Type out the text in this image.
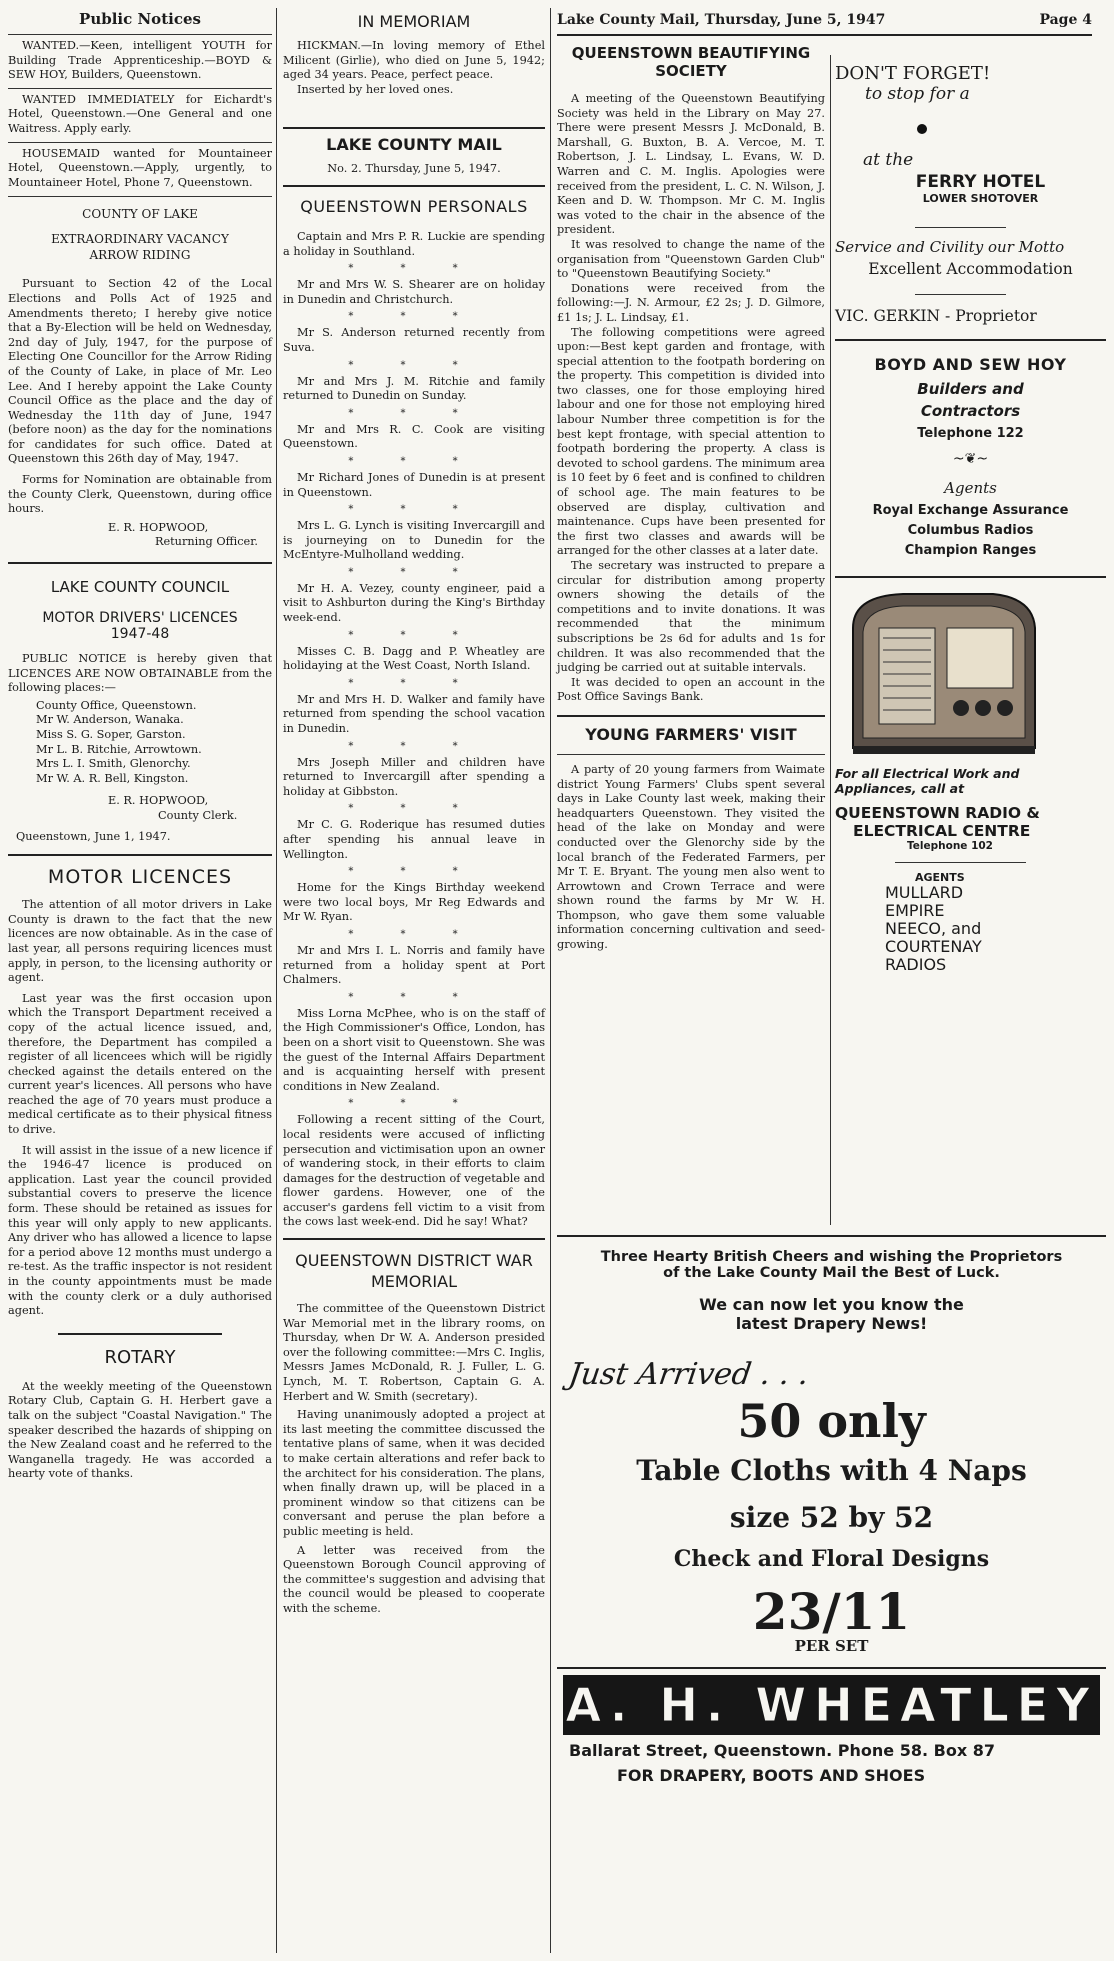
Public Notices

WANTED.—Keen, intelligent YOUTH for Building Trade Apprenticeship.—BOYD & SEW HOY, Builders, Queenstown.

WANTED IMMEDIATELY for Eichardt's Hotel, Queenstown.—One General and one Waitress. Apply early.

HOUSEMAID wanted for Mountaineer Hotel, Queenstown.—Apply, urgently, to Mountaineer Hotel, Phone 7, Queenstown.

COUNTY OF LAKE

EXTRAORDINARY VACANCY ARROW RIDING

Pursuant to Section 42 of the Local Elections and Polls Act of 1925 and Amendments thereto; I hereby give notice that a By-Election will be held on Wednesday, 2nd day of July, 1947, for the purpose of Electing One Councillor for the Arrow Riding of the County of Lake, in place of Mr. Leo Lee. And I hereby appoint the Lake County Council Office as the place and the day of Wednesday the 11th day of June, 1947 (before noon) as the day for the nominations for candidates for such office. Dated at Queenstown this 26th day of May, 1947.

Forms for Nomination are obtainable from the County Clerk, Queenstown, during office hours.

E. R. HOPWOOD,

Returning Officer.

LAKE COUNTY COUNCIL

MOTOR DRIVERS' LICENCES

1947-48

PUBLIC NOTICE is hereby given that LICENCES ARE NOW OBTAINABLE from the following places:—

County Office, Queenstown.

Mr W. Anderson, Wanaka.

Miss S. G. Soper, Garston.

Mr L. B. Ritchie, Arrowtown.

Mrs L. I. Smith, Glenorchy.

Mr W. A. R. Bell, Kingston.

E. R. HOPWOOD,

County Clerk.

Queenstown, June 1, 1947.

MOTOR LICENCES

The attention of all motor drivers in Lake County is drawn to the fact that the new licences are now obtainable. As in the case of last year, all persons requiring licences must apply, in person, to the licensing authority or agent.

Last year was the first occasion upon which the Transport Department received a copy of the actual licence issued, and, therefore, the Department has compiled a register of all licencees which will be rigidly checked against the details entered on the current year's licences. All persons who have reached the age of 70 years must produce a medical certificate as to their physical fitness to drive.

It will assist in the issue of a new licence if the 1946-47 licence is produced on application. Last year the council provided substantial covers to preserve the licence form. These should be retained as issues for this year will only apply to new applicants. Any driver who has allowed a licence to lapse for a period above 12 months must undergo a re-test. As the traffic inspector is not resident in the county appointments must be made with the county clerk or a duly authorised agent.

ROTARY

At the weekly meeting of the Queenstown Rotary Club, Captain G. H. Herbert gave a talk on the subject "Coastal Navigation." The speaker described the hazards of shipping on the New Zealand coast and he referred to the Wanganella tragedy. He was accorded a hearty vote of thanks.

IN MEMORIAM

HICKMAN.—In loving memory of Ethel Milicent (Girlie), who died on June 5, 1942; aged 34 years. Peace, perfect peace.

Inserted by her loved ones.

LAKE COUNTY MAIL

No. 2. Thursday, June 5, 1947.

QUEENSTOWN PERSONALS

Captain and Mrs P. R. Luckie are spending a holiday in Southland.

* * *

Mr and Mrs W. S. Shearer are on holiday in Dunedin and Christchurch.

* * *

Mr S. Anderson returned recently from Suva.

* * *

Mr and Mrs J. M. Ritchie and family returned to Dunedin on Sunday.

* * *

Mr and Mrs R. C. Cook are visiting Queenstown.

* * *

Mr Richard Jones of Dunedin is at present in Queenstown.

* * *

Mrs L. G. Lynch is visiting Invercargill and is journeying on to Dunedin for the McEntyre-Mulholland wedding.

* * *

Mr H. A. Vezey, county engineer, paid a visit to Ashburton during the King's Birthday week-end.

* * *

Misses C. B. Dagg and P. Wheatley are holidaying at the West Coast, North Island.

* * *

Mr and Mrs H. D. Walker and family have returned from spending the school vacation in Dunedin.

* * *

Mrs Joseph Miller and children have returned to Invercargill after spending a holiday at Gibbston.

* * *

Mr C. G. Roderique has resumed duties after spending his annual leave in Wellington.

* * *

Home for the Kings Birthday weekend were two local boys, Mr Reg Edwards and Mr W. Ryan.

* * *

Mr and Mrs I. L. Norris and family have returned from a holiday spent at Port Chalmers.

* * *

Miss Lorna McPhee, who is on the staff of the High Commissioner's Office, London, has been on a short visit to Queenstown. She was the guest of the Internal Affairs Department and is acquainting herself with present conditions in New Zealand.

* * *

Following a recent sitting of the Court, local residents were accused of inflicting persecution and victimisation upon an owner of wandering stock, in their efforts to claim damages for the destruction of vegetable and flower gardens. However, one of the accuser's gardens fell victim to a visit from the cows last week-end. Did he say! What?

QUEENSTOWN DISTRICT WAR MEMORIAL

The committee of the Queenstown District War Memorial met in the library rooms, on Thursday, when Dr W. A. Anderson presided over the following committee:—Mrs C. Inglis, Messrs James McDonald, R. J. Fuller, L. G. Lynch, M. T. Robertson, Captain G. A. Herbert and W. Smith (secretary).

Having unanimously adopted a project at its last meeting the committee discussed the tentative plans of same, when it was decided to make certain alterations and refer back to the architect for his consideration. The plans, when finally drawn up, will be placed in a prominent window so that citizens can be conversant and peruse the plan before a public meeting is held.

A letter was received from the Queenstown Borough Council approving of the committee's suggestion and advising that the council would be pleased to cooperate with the scheme.

Lake County Mail, Thursday, June 5, 1947	Page 4

QUEENSTOWN BEAUTIFYING SOCIETY

A meeting of the Queenstown Beautifying Society was held in the Library on May 27. There were present Messrs J. McDonald, B. Marshall, G. Buxton, B. A. Vercoe, M. T. Robertson, J. L. Lindsay, L. Evans, W. D. Warren and C. M. Inglis. Apologies were received from the president, L. C. N. Wilson, J. Keen and D. W. Thompson. Mr C. M. Inglis was voted to the chair in the absence of the president.

It was resolved to change the name of the organisation from "Queenstown Garden Club" to "Queenstown Beautifying Society."

Donations were received from the following:—J. N. Armour, £2 2s; J. D. Gilmore, £1 1s; J. L. Lindsay, £1.

The following competitions were agreed upon:—Best kept garden and frontage, with special attention to the footpath bordering on the property. This competition is divided into two classes, one for those employing hired labour and one for those not employing hired labour Number three competition is for the best kept frontage, with special attention to footpath bordering the property. A class is devoted to school gardens. The minimum area is 10 feet by 6 feet and is confined to children of school age. The main features to be observed are display, cultivation and maintenance. Cups have been presented for the first two classes and awards will be arranged for the other classes at a later date.

The secretary was instructed to prepare a circular for distribution among property owners showing the details of the competitions and to invite donations. It was recommended that the minimum subscriptions be 2s 6d for adults and 1s for children. It was also recommended that the judging be carried out at suitable intervals.

It was decided to open an account in the Post Office Savings Bank.

YOUNG FARMERS' VISIT

A party of 20 young farmers from Waimate district Young Farmers' Clubs spent several days in Lake County last week, making their headquarters Queenstown. They visited the head of the lake on Monday and were conducted over the Glenorchy side by the local branch of the Federated Farmers, per Mr T. E. Bryant. The young men also went to Arrowtown and Crown Terrace and were shown round the farms by Mr W. H. Thompson, who gave them some valuable information concerning cultivation and seed-growing.

DON'T FORGET!

to stop for a

at the

FERRY HOTEL

LOWER SHOTOVER

Service and Civility our Motto

Excellent Accommodation

VIC. GERKIN - Proprietor

BOYD AND SEW HOY

Builders and

Contractors

Telephone 122

~❦~

Agents

Royal Exchange Assurance

Columbus Radios

Champion Ranges

For all Electrical Work and

Appliances, call at

QUEENSTOWN RADIO &

ELECTRICAL CENTRE

Telephone 102

AGENTS

MULLARD

EMPIRE

NEECO, and

COURTENAY

RADIOS

Three Hearty British Cheers and wishing the Proprietors

of the Lake County Mail the Best of Luck.

We can now let you know the

latest Drapery News!

Just Arrived . . .

50 only

Table Cloths with 4 Naps

size 52 by 52

Check and Floral Designs

23/11

PER SET

A. H. WHEATLEY

Ballarat Street, Queenstown. Phone 58. Box 87

FOR DRAPERY, BOOTS AND SHOES
